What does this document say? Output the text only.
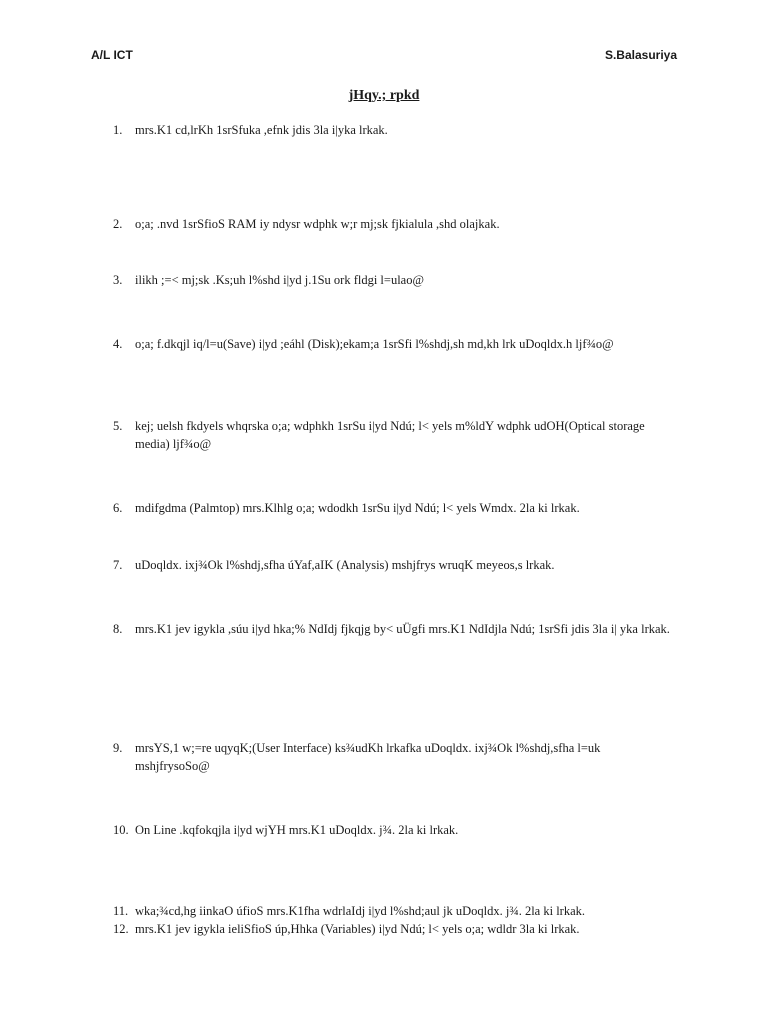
A/L ICT	S.Balasuriya
jHqy.; rpkd
1.	mrs.K1 cd,lrKh 1srSfuka ,efnk jdis 3la i|yka lrkak.
2.	o;a; .nvd 1srSfioS RAM iy ndysr wdphk w;r mj;sk fjkialula ,shd olajkak.
3.	ilikh ;=< mj;sk .Ks;uh l%shd i|yd j.1Su ork fldgi l=ulao@
4.	o;a; f.dkqjl iq/l=u(Save) i|yd ;eáhl (Disk);ekam;a 1srSfi l%shdj,sh md,kh lrk uDoqldx.h ljf¾o@
5.	kej; uelsh fkdyels whqrska o;a; wdphkh 1srSu i|yd Ndú; l< yels m%ldY wdphk udOH(Optical storage media) ljf¾o@
6.	mdifgdma (Palmtop) mrs.Klhlg o;a; wdodkh 1srSu i|yd Ndú; l< yels Wmdx. 2la ki lrkak.
7.	uDoqldx. ixj¾Ok l%shdj,sfha úYaf,aIK (Analysis) mshjfrys wruqK meyeos,s lrkak.
8.	mrs.K1 jev igykla ,súu i|yd hka;% NdIdj fjkqjg by< uÜgfi mrs.K1 NdIdjla Ndú; 1srSfi jdis 3la i| yka lrkak.
9.	mrsYS,1 w;=re uqyqK;(User Interface) ks¾udKh lrkafka uDoqldx. ixj¾Ok l%shdj,sfha l=uk mshjfrysoSo@
10. On Line .kqfokqjla i|yd wjYH mrs.K1 uDoqldx. j¾. 2la ki lrkak.
11. wka;¾cd,hg iinkaO úfioS mrs.K1fha wdrlaIdj i|yd l%shd;aul jk uDoqldx. j¾. 2la ki lrkak.
12. mrs.K1 jev igykla ieliSfioS úp,Hhka (Variables) i|yd Ndú; l< yels o;a; wdldr 3la ki lrkak.
